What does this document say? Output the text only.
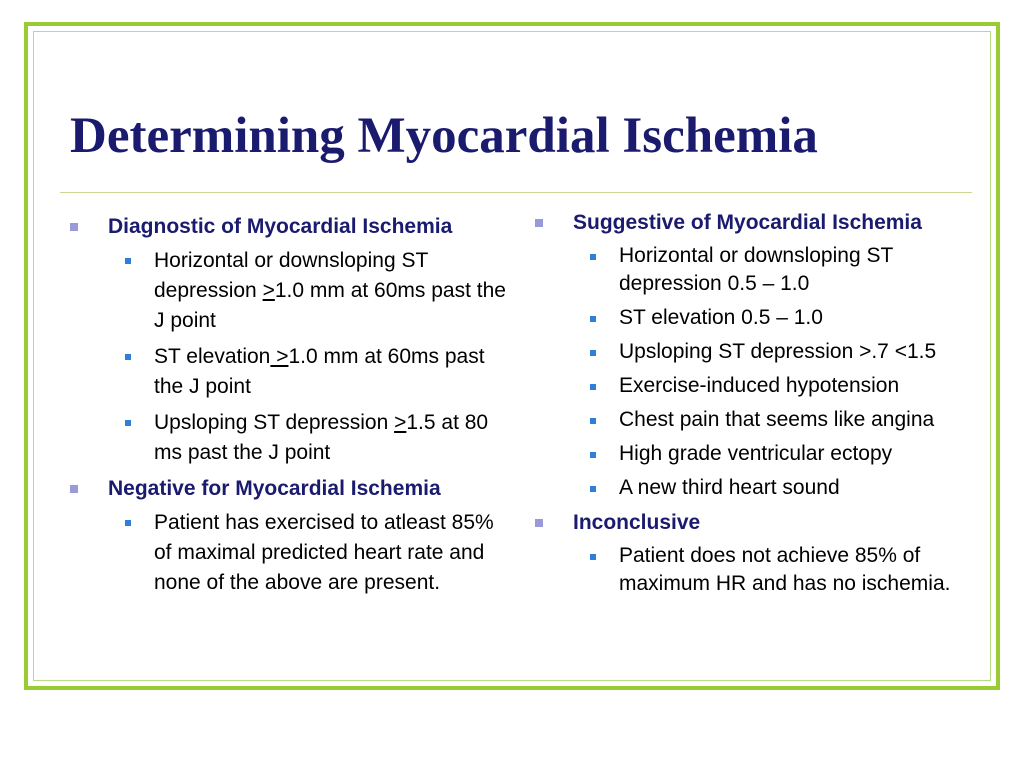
Determining Myocardial Ischemia
Diagnostic of Myocardial Ischemia
Horizontal or downsloping ST depression ≥1.0 mm at 60ms past the J point
ST elevation >1.0 mm at 60ms past the J point
Upsloping ST depression ≥1.5 at 80 ms past the J point
Negative for Myocardial Ischemia
Patient has exercised to atleast 85% of maximal predicted heart rate and none of the above are present.
Suggestive of Myocardial Ischemia
Horizontal or downsloping ST depression 0.5 – 1.0
ST elevation 0.5 – 1.0
Upsloping ST depression >.7 <1.5
Exercise-induced hypotension
Chest pain that seems like angina
High grade ventricular ectopy
A new third heart sound
Inconclusive
Patient does not achieve 85% of maximum HR and has no ischemia.
